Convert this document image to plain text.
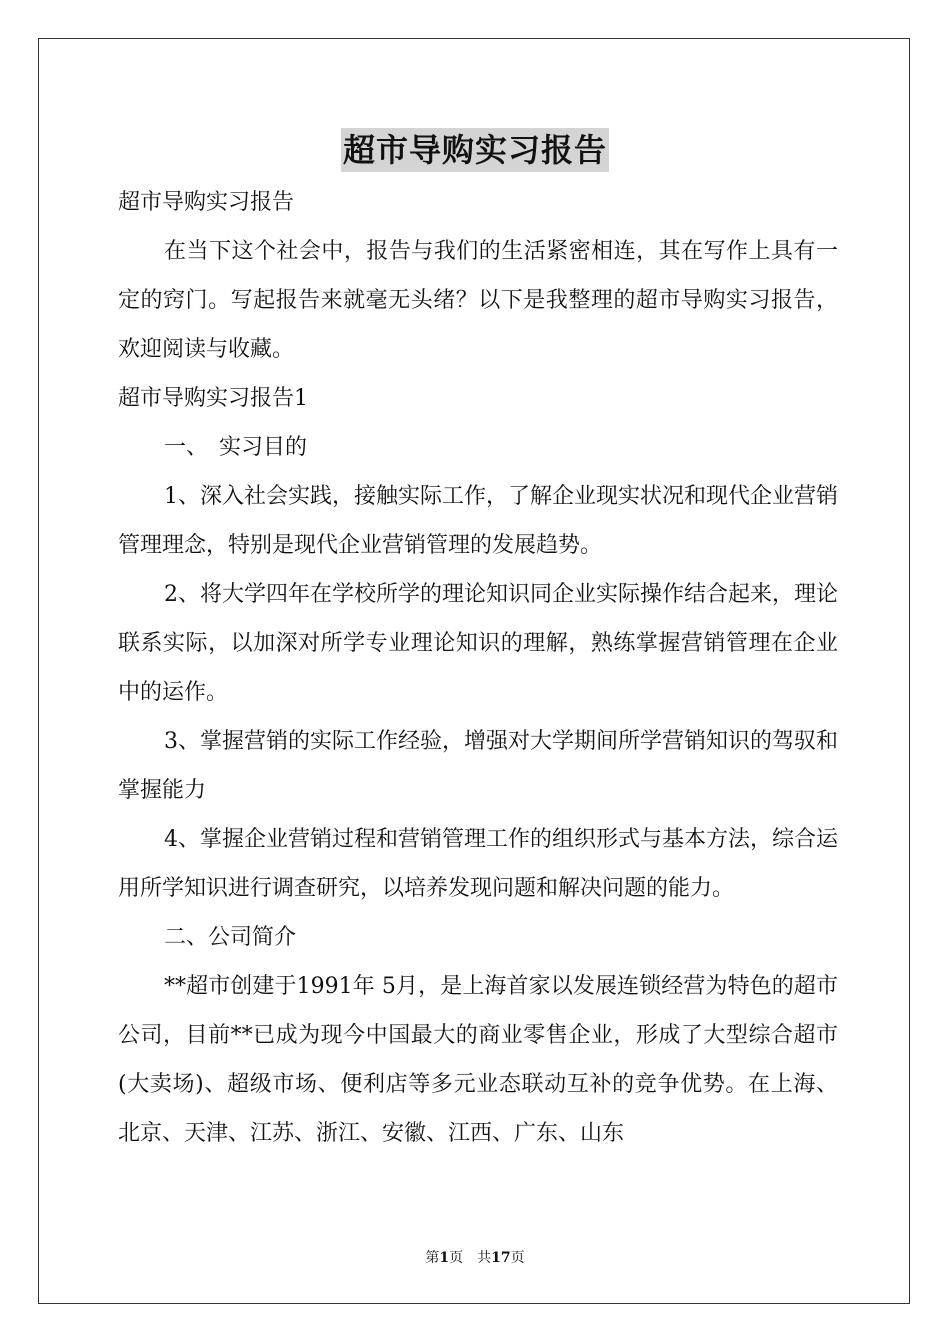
超市导购实习报告

超市导购实习报告

在当下这个社会中，报告与我们的生活紧密相连，其在写作上具有一定的窍门。写起报告来就毫无头绪？以下是我整理的超市导购实习报告，欢迎阅读与收藏。

超市导购实习报告1

一、　实习目的

1、深入社会实践，接触实际工作，了解企业现实状况和现代企业营销管理理念，特别是现代企业营销管理的发展趋势。

2、将大学四年在学校所学的理论知识同企业实际操作结合起来，理论联系实际，以加深对所学专业理论知识的理解，熟练掌握营销管理在企业中的运作。

3、掌握营销的实际工作经验，增强对大学期间所学营销知识的驾驭和掌握能力

4、掌握企业营销过程和营销管理工作的组织形式与基本方法，综合运用所学知识进行调查研究，以培养发现问题和解决问题的能力。

二、公司简介

**超市创建于1991年 5月，是上海首家以发展连锁经营为特色的超市公司，目前**已成为现今中国最大的商业零售企业，形成了大型综合超市(大卖场)、超级市场、便利店等多元业态联动互补的竞争优势。在上海、北京、天津、江苏、浙江、安徽、江西、广东、山东

第1页 共17页
